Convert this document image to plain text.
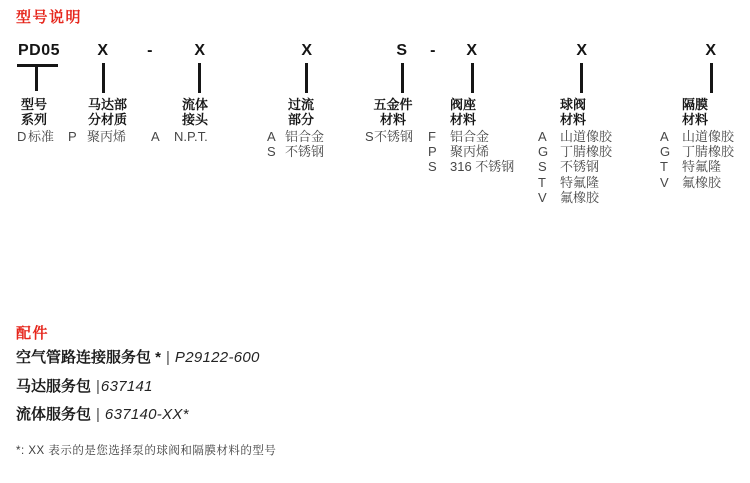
型号说明
PD05 X -	X	X	S - X	X	X
型号
系列
D 标准
马达部
分材质
P 聚丙烯
流体
接头
A	N.P.T.
过流
部分
A 铝合金
S 不锈钢
五金件
材料
S 不锈钢
阀座
材料
F	铝合金
P	聚丙烯
S	316 不锈钢
球阀
材料
A	山道像胶
G 丁腈橡胶
S	不锈钢
T	特氟隆
V	氟橡胶
隔膜
材料
A	山道像胶
G 丁腈橡胶
T	特氟隆
V	氟橡胶
配件
空气管路连接服务包 * | P29122-600
马达服务包 |637141
流体服务包 | 637140-XX*
*: XX 表示的是您选择泵的球阀和隔膜材料的型号
